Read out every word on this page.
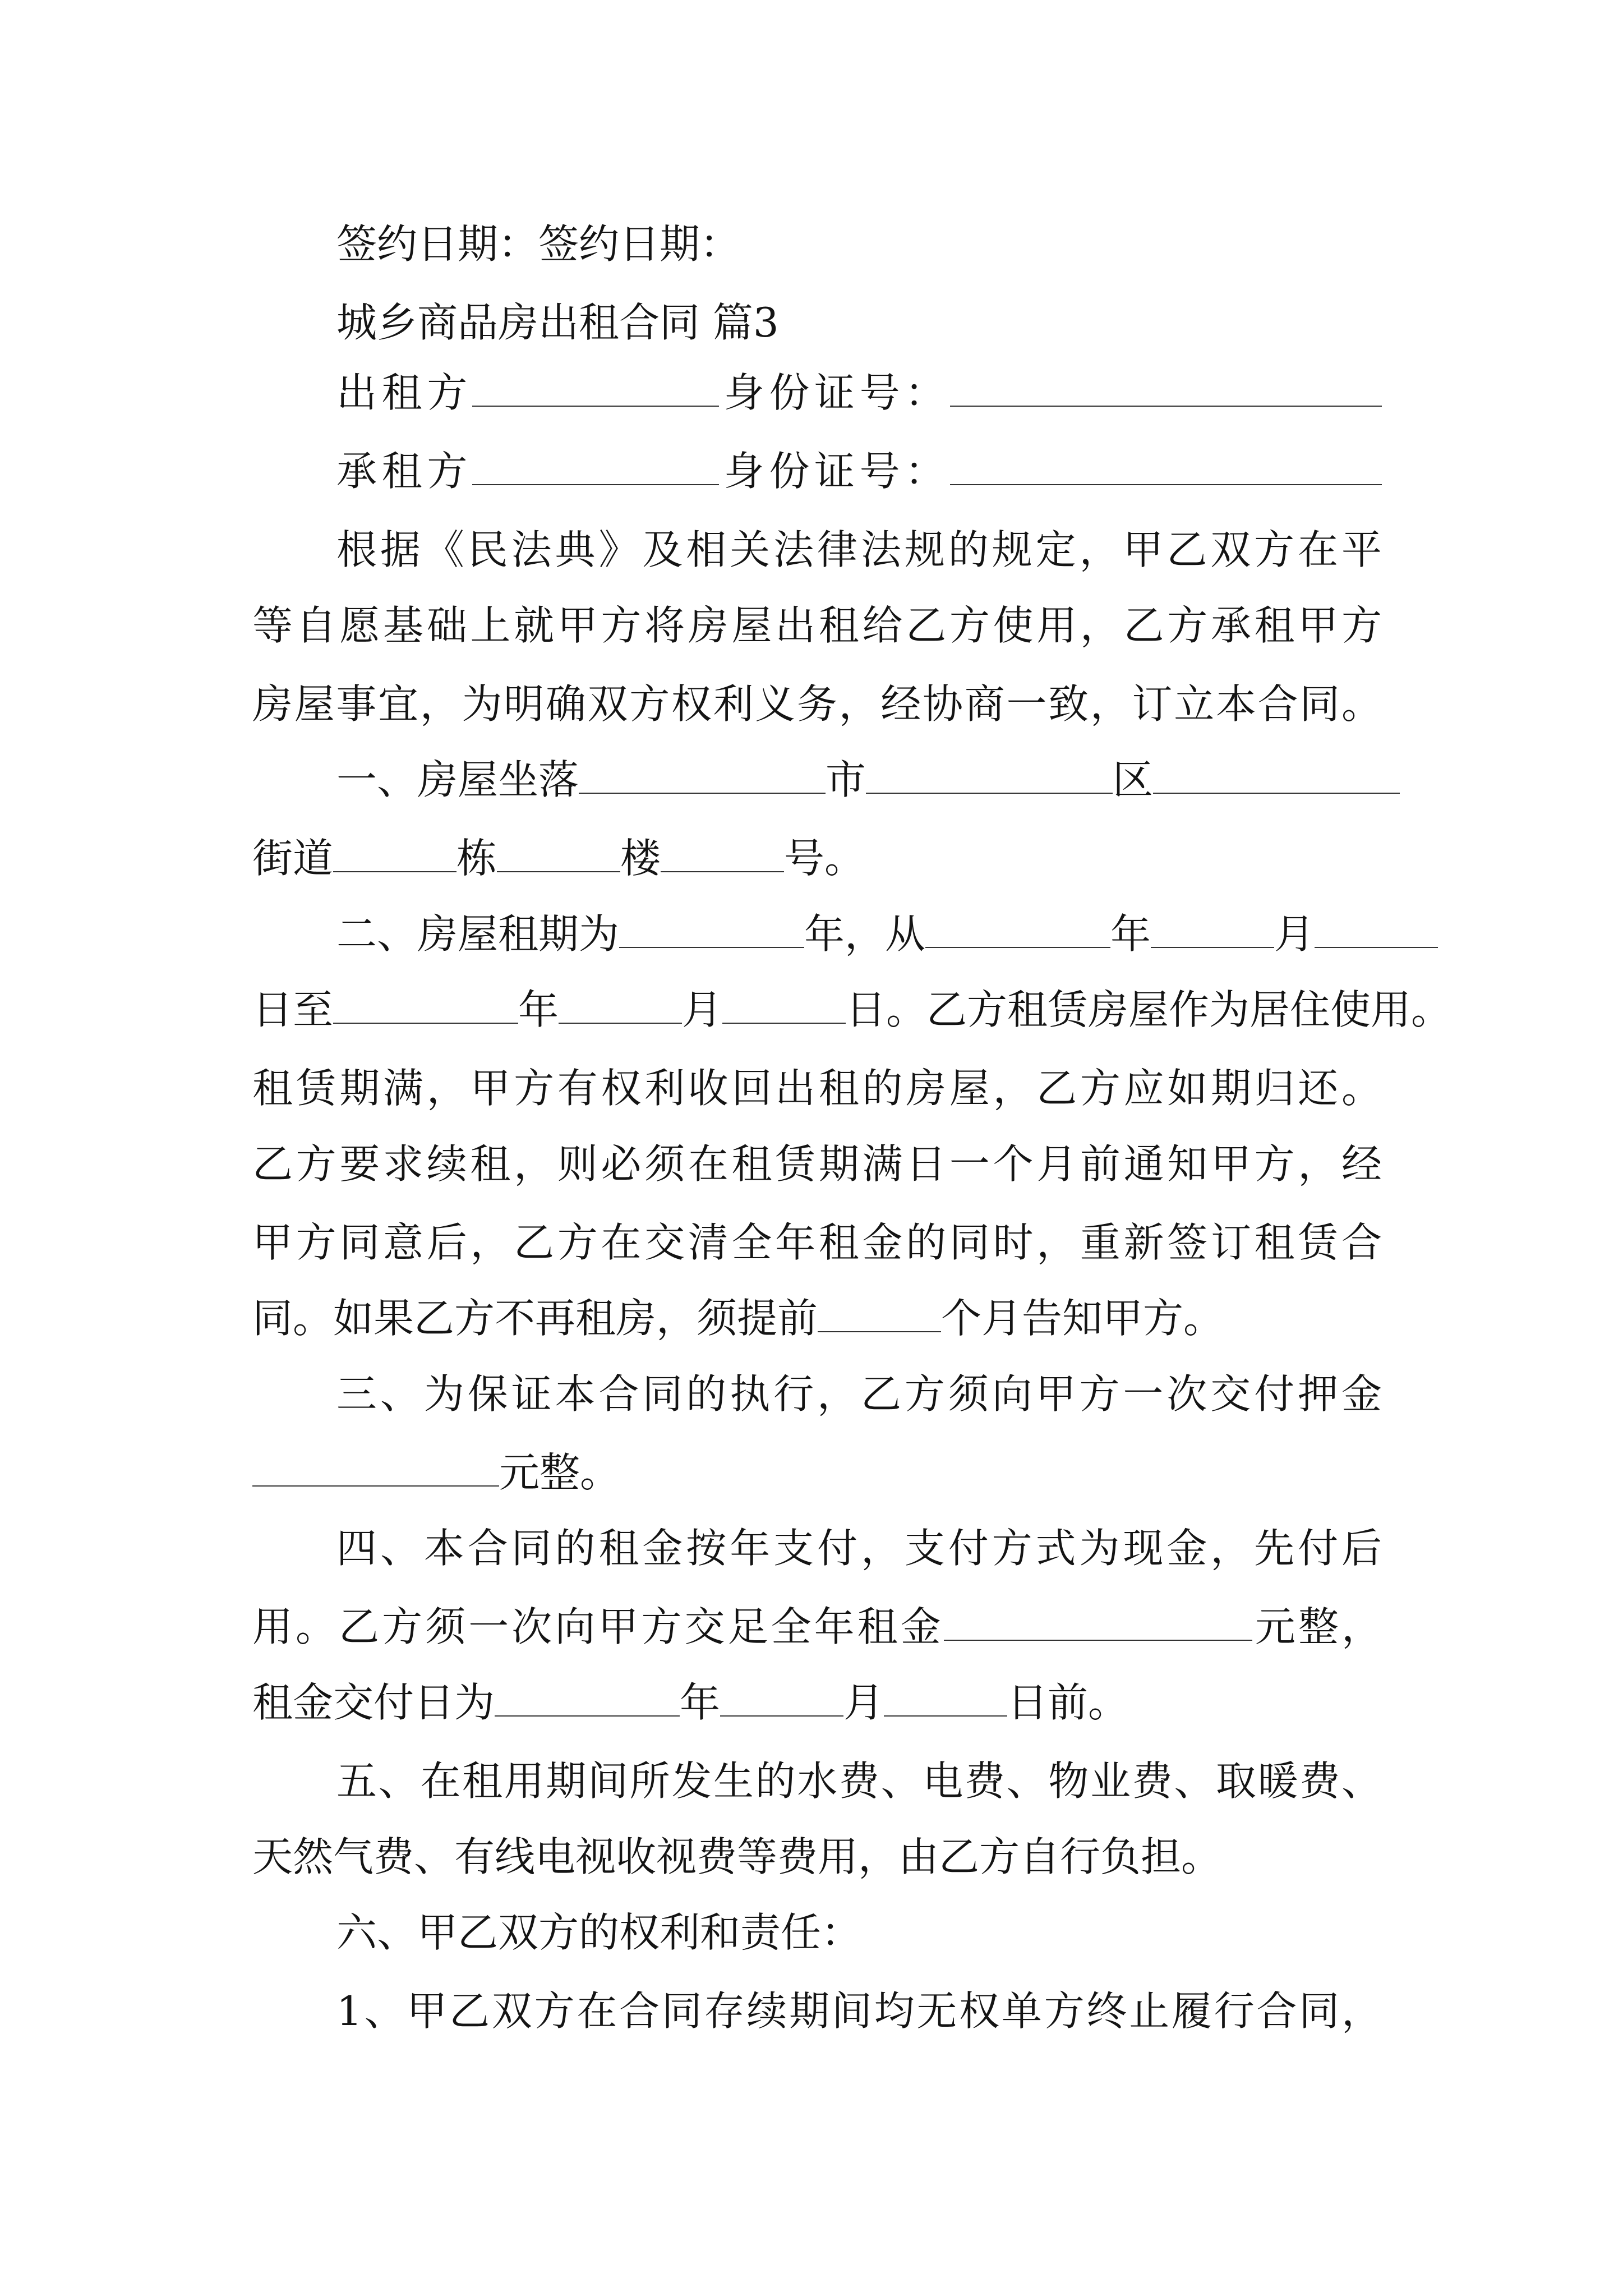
签约日期：签约日期：
城乡商品房出租合同 篇3
出租方	身份证号：
承租方	身份证号：
根据《民法典》及相关法律法规的规定，甲乙双方在平
等自愿基础上就甲方将房屋出租给乙方使用，乙方承租甲方
房屋事宜，为明确双方权利义务，经协商一致，订立本合同。
一、房屋坐落	市	区
街道	栋	楼	号。
二、房屋租期为	年，从	年	月
日至	年	月	日。乙方租赁房屋作为居住使用。
租赁期满，甲方有权利收回出租的房屋，乙方应如期归还。
乙方要求续租，则必须在租赁期满日一个月前通知甲方，经
甲方同意后，乙方在交清全年租金的同时，重新签订租赁合
同。如果乙方不再租房，须提前	个月告知甲方。
三、为保证本合同的执行，乙方须向甲方一次交付押金
元整。
四、本合同的租金按年支付，支付方式为现金，先付后
用。乙方须一次向甲方交足全年租金	元整，
租金交付日为	年	月	日前。
五、在租用期间所发生的水费、电费、物业费、取暖费、
天然气费、有线电视收视费等费用，由乙方自行负担。
六、甲乙双方的权利和责任：
1、甲乙双方在合同存续期间均无权单方终止履行合同，
